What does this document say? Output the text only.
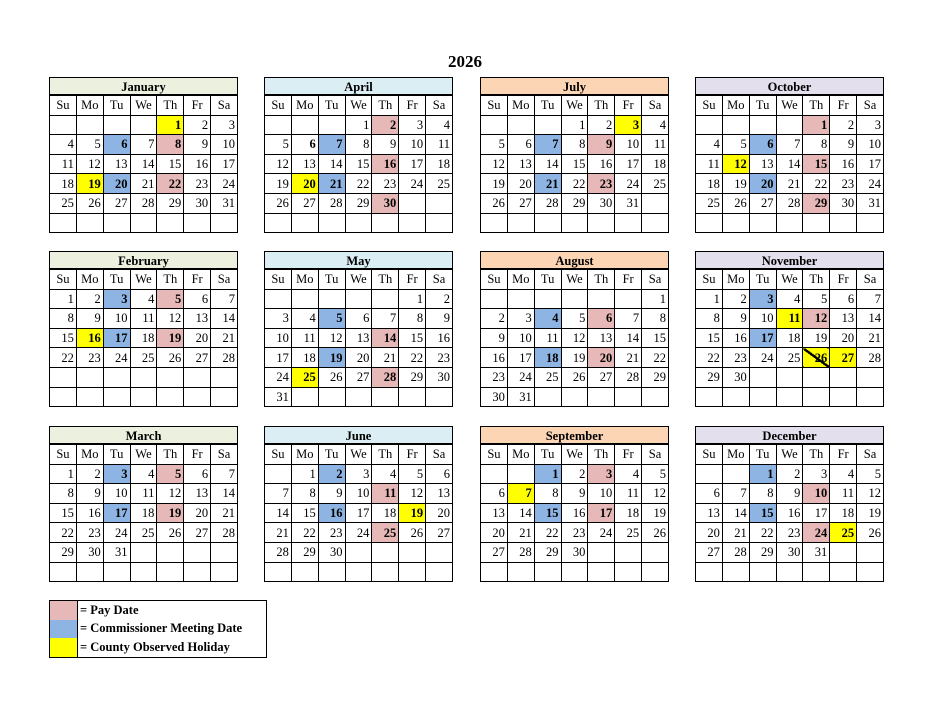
2026
January
Su	Mo	Tu	We	Th	Fr	Sa
				1	2	3
4	5	6	7	8	9	10
11	12	13	14	15	16	17
18	19	20	21	22	23	24
25	26	27	28	29	30	31

February
Su	Mo	Tu	We	Th	Fr	Sa
1	2	3	4	5	6	7
8	9	10	11	12	13	14
15	16	17	18	19	20	21
22	23	24	25	26	27	28

March
Su	Mo	Tu	We	Th	Fr	Sa
1	2	3	4	5	6	7
8	9	10	11	12	13	14
15	16	17	18	19	20	21
22	23	24	25	26	27	28
29	30	31				

April
Su	Mo	Tu	We	Th	Fr	Sa
			1	2	3	4
5	6	7	8	9	10	11
12	13	14	15	16	17	18
19	20	21	22	23	24	25
26	27	28	29	30		

May
Su	Mo	Tu	We	Th	Fr	Sa
					1	2
3	4	5	6	7	8	9
10	11	12	13	14	15	16
17	18	19	20	21	22	23
24	25	26	27	28	29	30
31						
June
Su	Mo	Tu	We	Th	Fr	Sa
	1	2	3	4	5	6
7	8	9	10	11	12	13
14	15	16	17	18	19	20
21	22	23	24	25	26	27
28	29	30				

July
Su	Mo	Tu	We	Th	Fr	Sa
			1	2	3	4
5	6	7	8	9	10	11
12	13	14	15	16	17	18
19	20	21	22	23	24	25
26	27	28	29	30	31	

August
Su	Mo	Tu	We	Th	Fr	Sa
						1
2	3	4	5	6	7	8
9	10	11	12	13	14	15
16	17	18	19	20	21	22
23	24	25	26	27	28	29
30	31					
September
Su	Mo	Tu	We	Th	Fr	Sa
		1	2	3	4	5
6	7	8	9	10	11	12
13	14	15	16	17	18	19
20	21	22	23	24	25	26
27	28	29	30			

October
Su	Mo	Tu	We	Th	Fr	Sa
				1	2	3
4	5	6	7	8	9	10
11	12	13	14	15	16	17
18	19	20	21	22	23	24
25	26	27	28	29	30	31

November
Su	Mo	Tu	We	Th	Fr	Sa
1	2	3	4	5	6	7
8	9	10	11	12	13	14
15	16	17	18	19	20	21
22	23	24	25	26	27	28
29	30					

December
Su	Mo	Tu	We	Th	Fr	Sa
		1	2	3	4	5
6	7	8	9	10	11	12
13	14	15	16	17	18	19
20	21	22	23	24	25	26
27	28	29	30	31		

= Pay Date
= Commissioner Meeting Date
= County Observed Holiday
